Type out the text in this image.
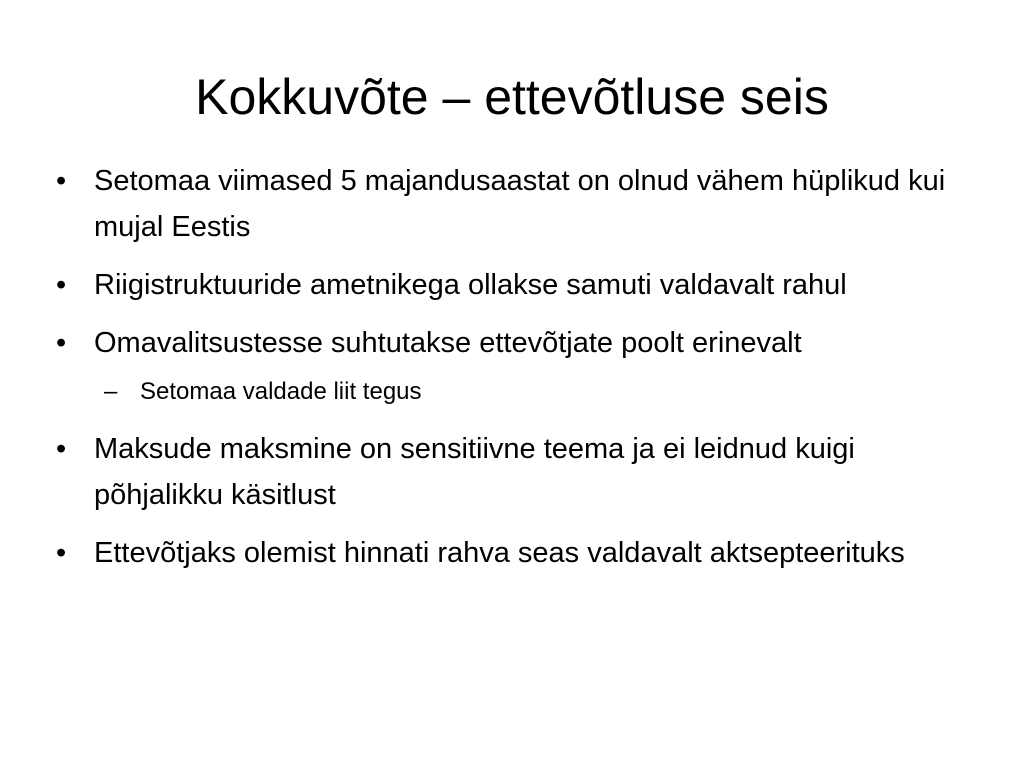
Kokkuvõte – ettevõtluse seis
• Setomaa viimased 5 majandusaastat on olnud vähem hüplikud kui mujal Eestis
• Riigistruktuuride ametnikega ollakse samuti valdavalt rahul
• Omavalitsustesse suhtutakse ettevõtjate poolt erinevalt
– Setomaa valdade liit tegus
• Maksude maksmine on sensitiivne teema ja ei leidnud kuigi põhjalikku käsitlust
• Ettevõtjaks olemist hinnati rahva seas valdavalt aktsepteerituks
